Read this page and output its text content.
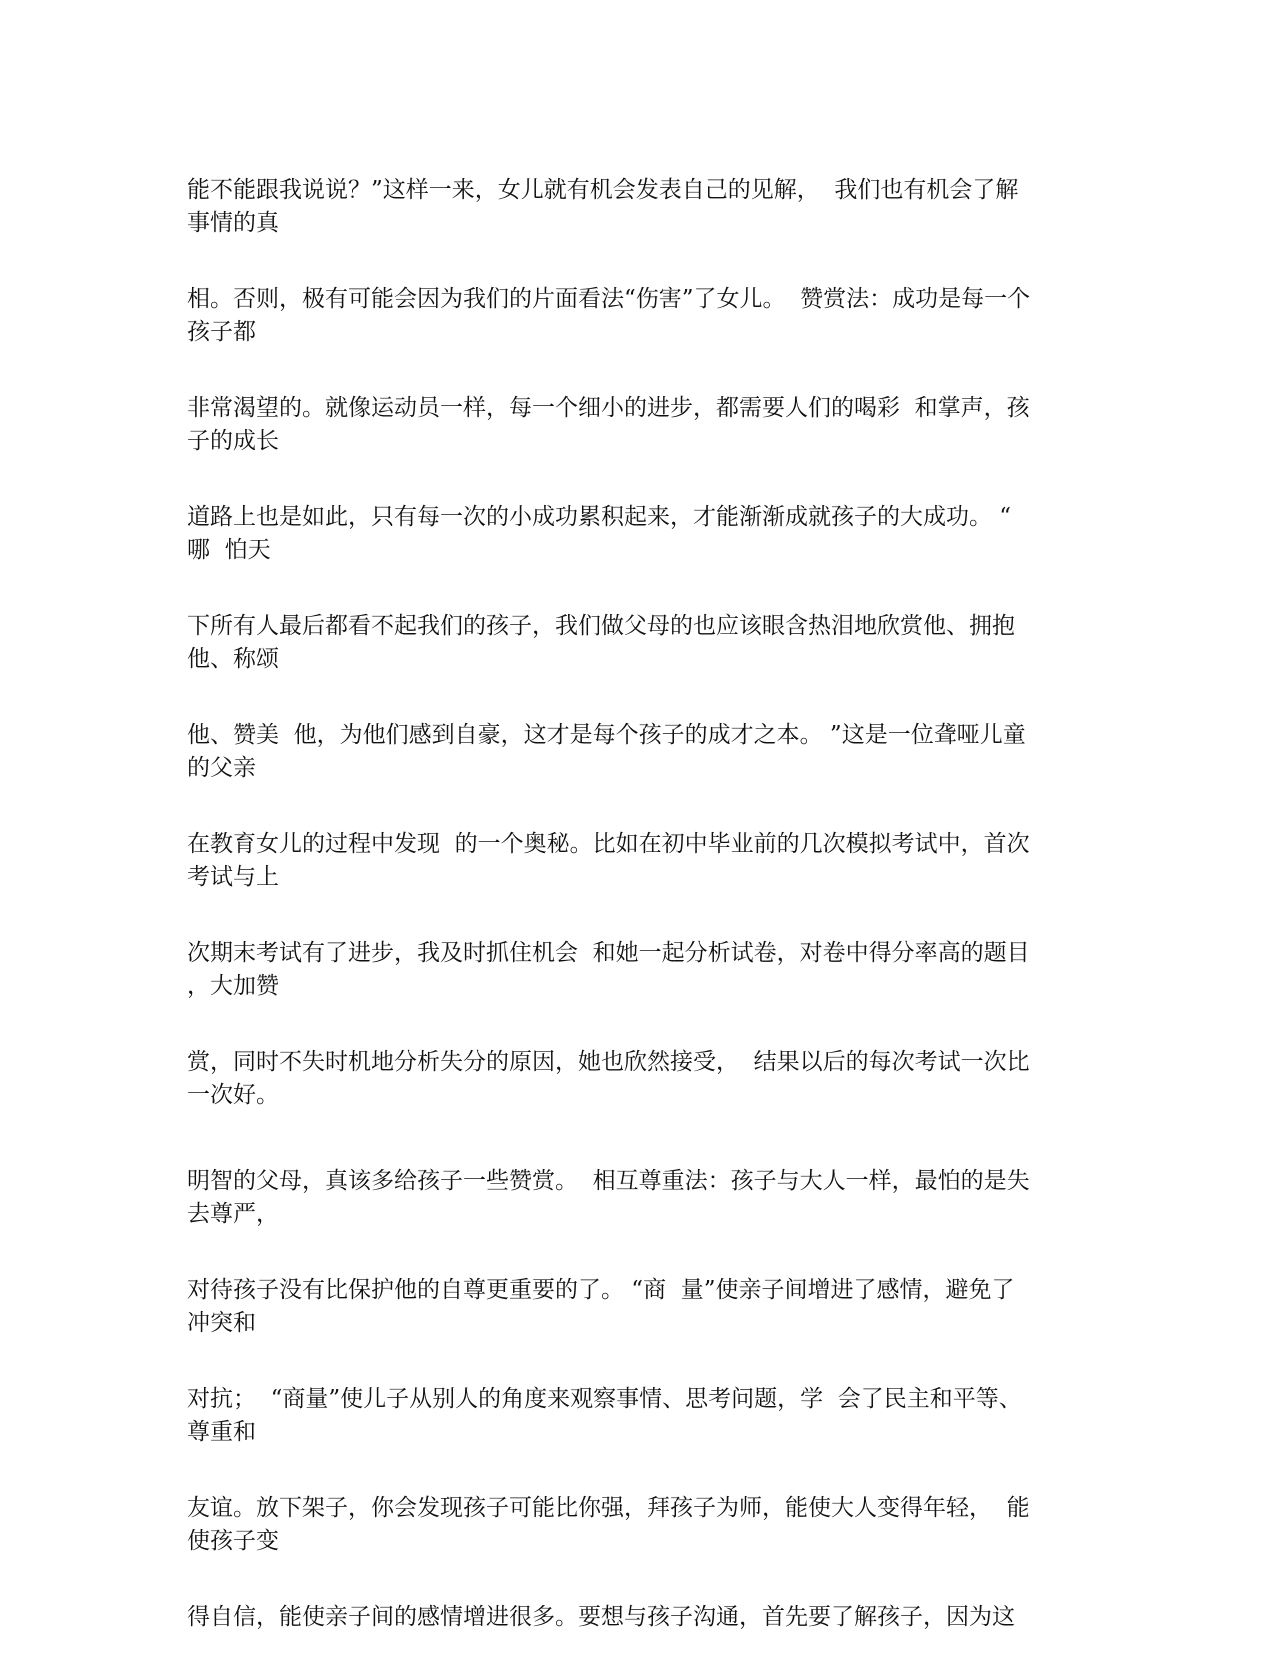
能不能跟我说说？”这样一来，女儿就有机会发表自己的见解，  我们也有机会了解
事情的真

相。否则，极有可能会因为我们的片面看法“伤害”了女儿。  赞赏法：成功是每一个
孩子都

非常渴望的。就像运动员一样，每一个细小的进步，都需要人们的喝彩  和掌声，孩
子的成长

道路上也是如此，只有每一次的小成功累积起来，才能渐渐成就孩子的大成功。 “
哪  怕天

下所有人最后都看不起我们的孩子，我们做父母的也应该眼含热泪地欣赏他、拥抱
他、称颂

他、赞美  他，为他们感到自豪，这才是每个孩子的成才之本。 ”这是一位聋哑儿童
的父亲

在教育女儿的过程中发现  的一个奥秘。比如在初中毕业前的几次模拟考试中，首次
考试与上

次期末考试有了进步，我及时抓住机会  和她一起分析试卷，对卷中得分率高的题目
，大加赞

赏，同时不失时机地分析失分的原因，她也欣然接受，  结果以后的每次考试一次比
一次好。

明智的父母，真该多给孩子一些赞赏。  相互尊重法：孩子与大人一样，最怕的是失
去尊严，

对待孩子没有比保护他的自尊更重要的了。 “商  量”使亲子间增进了感情，避免了
冲突和

对抗；  “商量”使儿子从别人的角度来观察事情、思考问题，学  会了民主和平等、
尊重和

友谊。放下架子，你会发现孩子可能比你强，拜孩子为师，能使大人变得年轻，  能
使孩子变

得自信，能使亲子间的感情增进很多。要想与孩子沟通，首先要了解孩子，因为这
